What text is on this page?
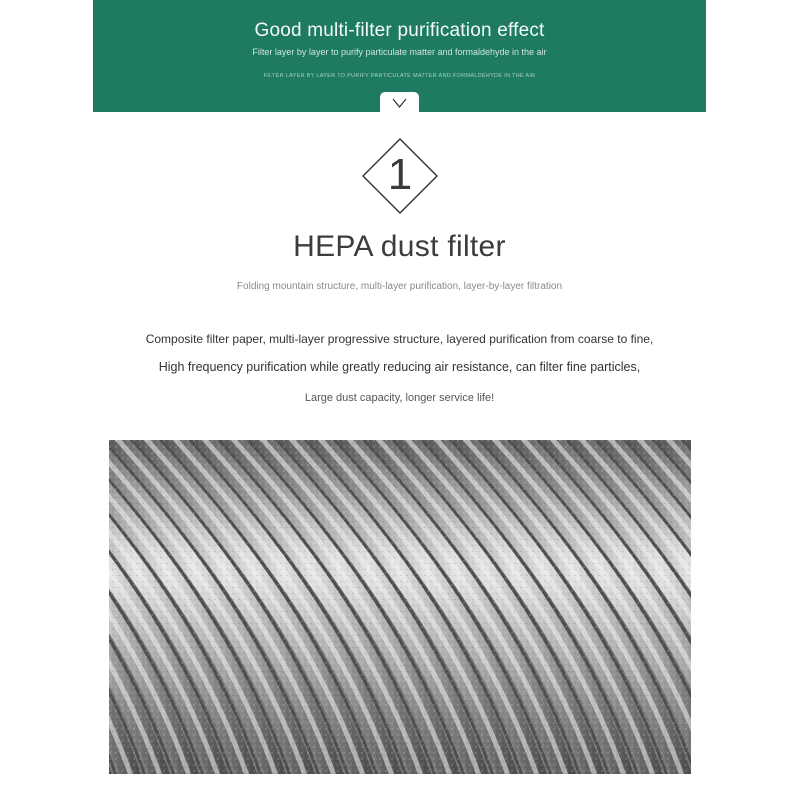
Good multi-filter purification effect
Filter layer by layer to purify particulate matter and formaldehyde in the air
FILTER LAYER BY LAYER TO PURIFY PARTICULATE MATTER AND FORMALDEHYDE IN THE AIR
1
HEPA dust filter
Folding mountain structure, multi-layer purification, layer-by-layer filtration
Composite filter paper, multi-layer progressive structure, layered purification from coarse to fine,
High frequency purification while greatly reducing air resistance, can filter fine particles,
Large dust capacity, longer service life!
